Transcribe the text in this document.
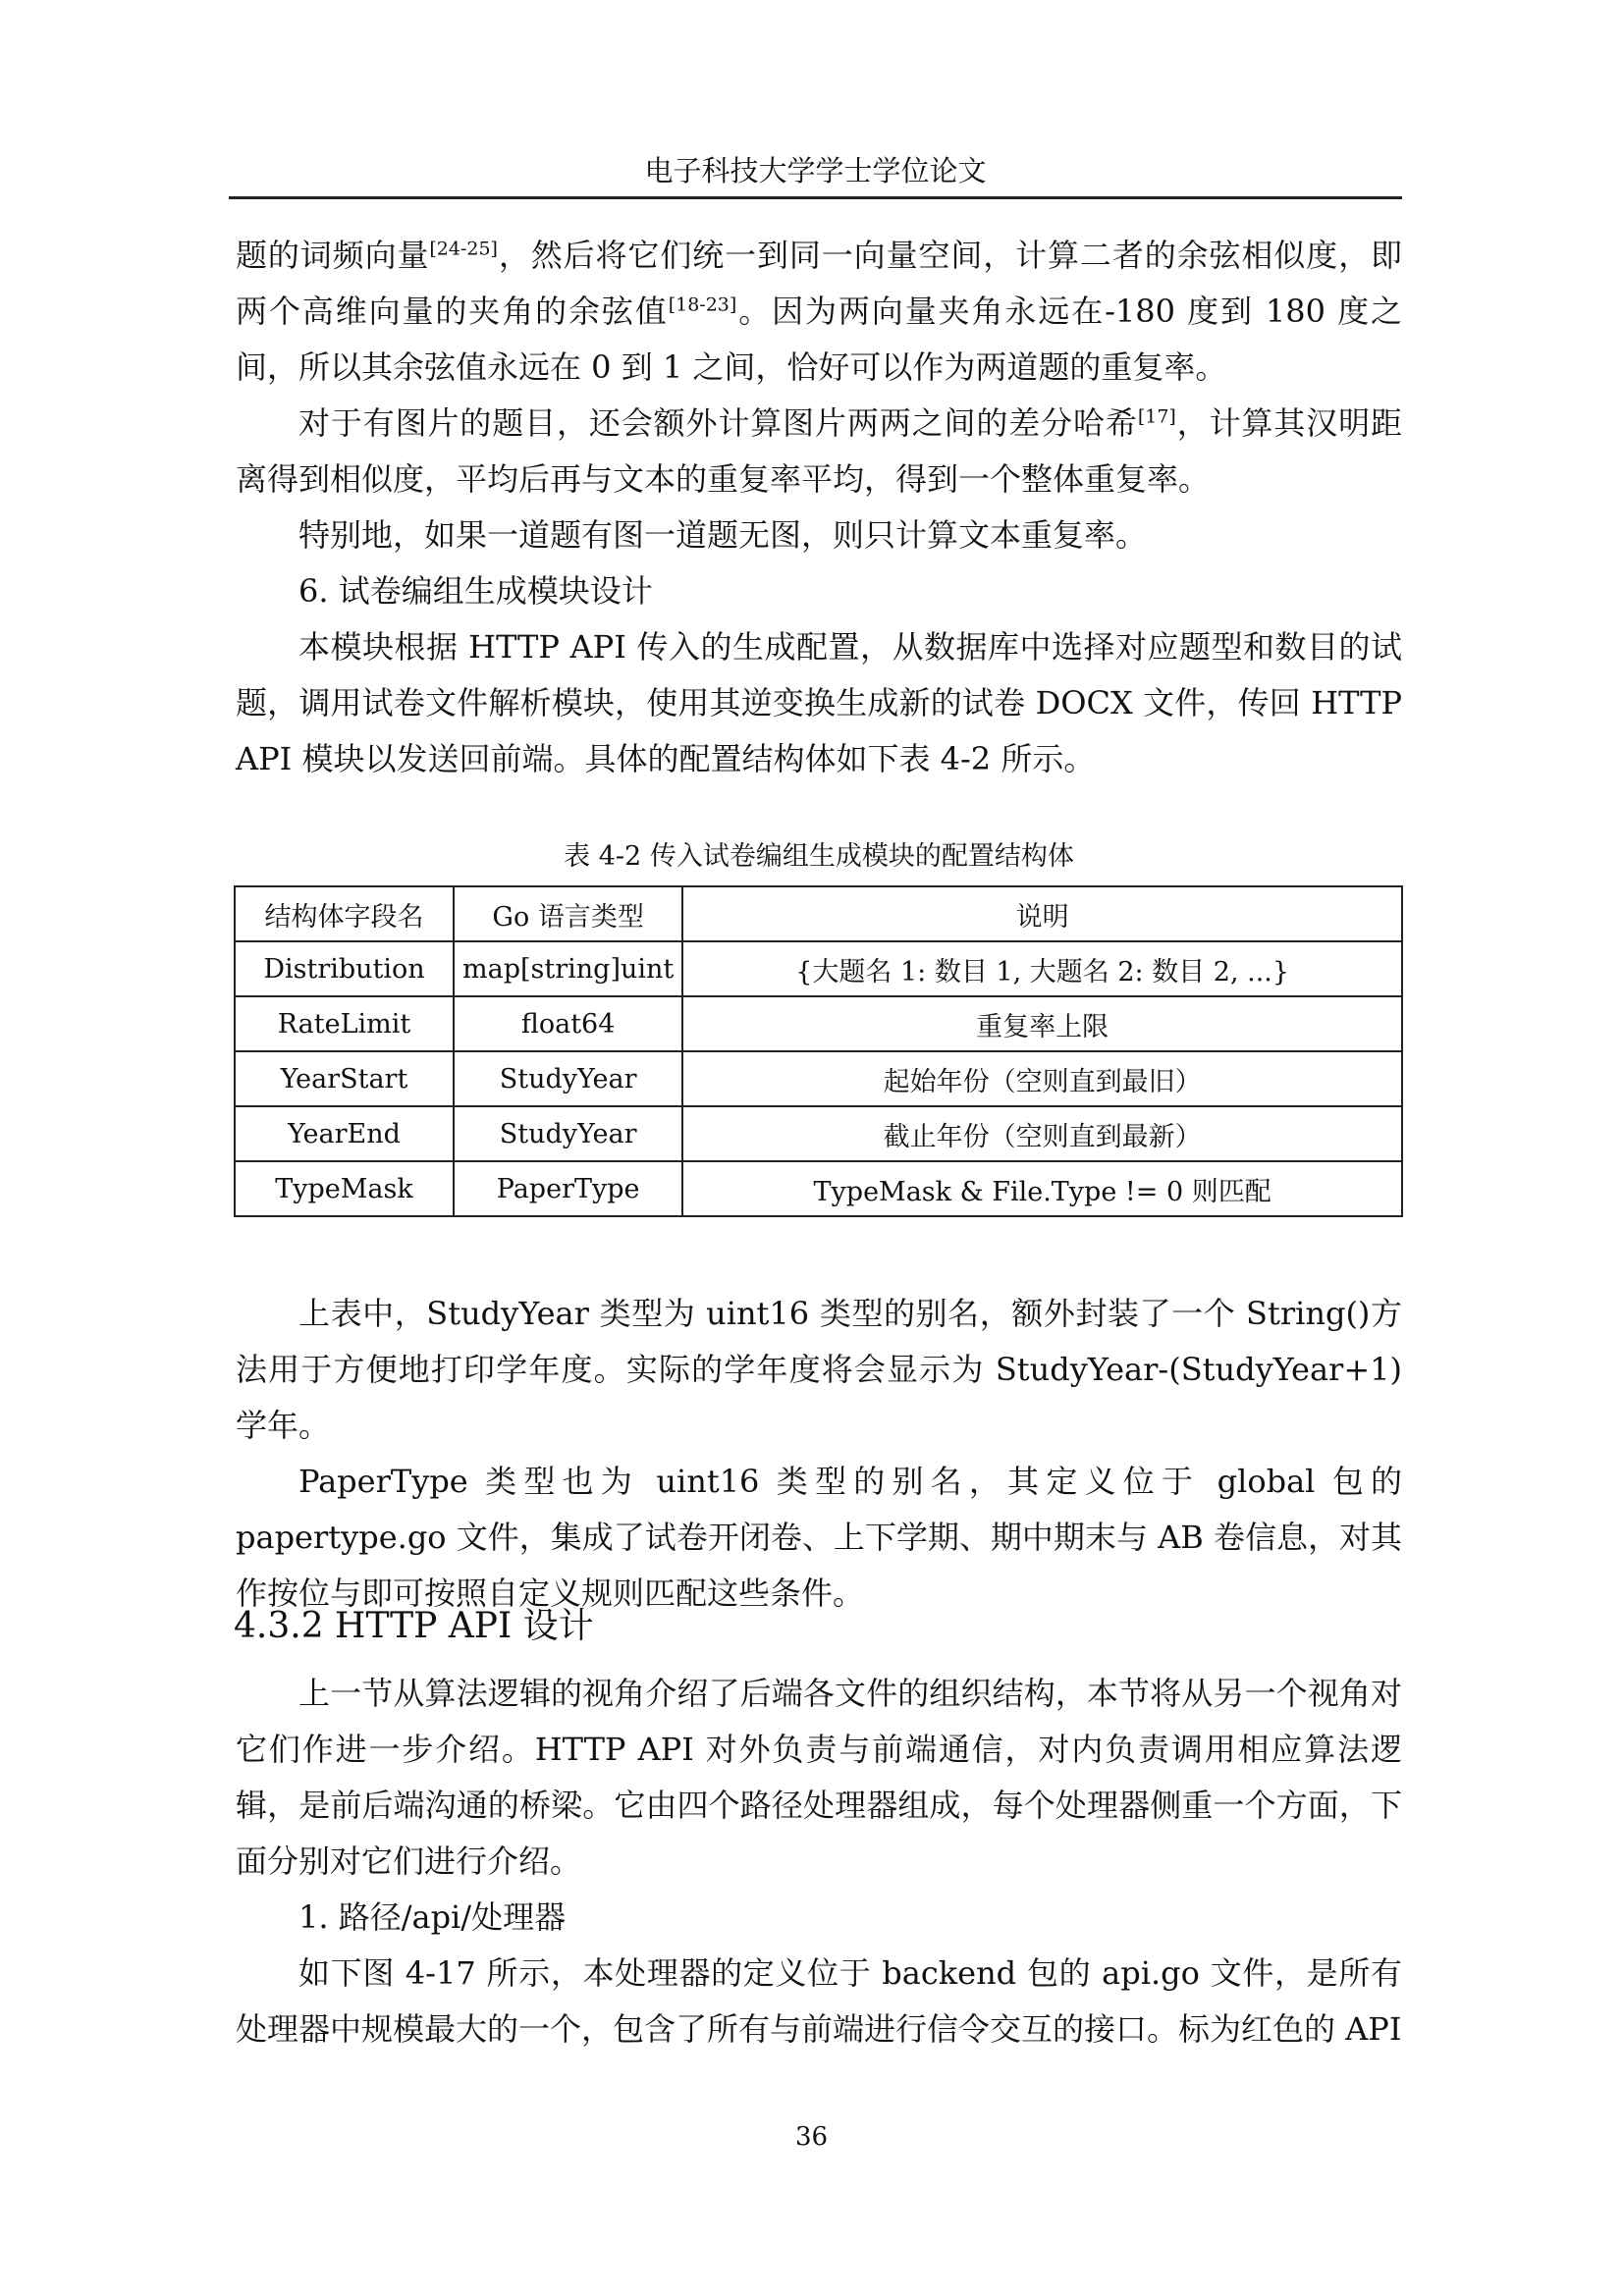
电子科技大学学士学位论文

题的词频向量[24-25]，然后将它们统一到同一向量空间，计算二者的余弦相似度，即两个高维向量的夹角的余弦值[18-23]。因为两向量夹角永远在-180 度到 180 度之间，所以其余弦值永远在 0 到 1 之间，恰好可以作为两道题的重复率。

对于有图片的题目，还会额外计算图片两两之间的差分哈希[17]，计算其汉明距离得到相似度，平均后再与文本的重复率平均，得到一个整体重复率。

特别地，如果一道题有图一道题无图，则只计算文本重复率。

6. 试卷编组生成模块设计

本模块根据 HTTP API 传入的生成配置，从数据库中选择对应题型和数目的试题，调用试卷文件解析模块，使用其逆变换生成新的试卷 DOCX 文件，传回 HTTP API 模块以发送回前端。具体的配置结构体如下表 4-2 所示。

表 4-2 传入试卷编组生成模块的配置结构体
结构体字段名	Go 语言类型	说明
Distribution	map[string]uint	{大题名 1: 数目 1, 大题名 2: 数目 2, ...}
RateLimit	float64	重复率上限
YearStart	StudyYear	起始年份（空则直到最旧）
YearEnd	StudyYear	截止年份（空则直到最新）
TypeMask	PaperType	TypeMask & File.Type != 0 则匹配

上表中，StudyYear 类型为 uint16 类型的别名，额外封装了一个 String()方法用于方便地打印学年度。实际的学年度将会显示为 StudyYear-(StudyYear+1)学年。

PaperType 类型也为 uint16 类型的别名，其定义位于 global 包的 papertype.go 文件，集成了试卷开闭卷、上下学期、期中期末与 AB 卷信息，对其作按位与即可按照自定义规则匹配这些条件。

4.3.2 HTTP API 设计

上一节从算法逻辑的视角介绍了后端各文件的组织结构，本节将从另一个视角对它们作进一步介绍。HTTP API 对外负责与前端通信，对内负责调用相应算法逻辑，是前后端沟通的桥梁。它由四个路径处理器组成，每个处理器侧重一个方面，下面分别对它们进行介绍。

1. 路径/api/处理器

如下图 4-17 所示，本处理器的定义位于 backend 包的 api.go 文件，是所有处理器中规模最大的一个，包含了所有与前端进行信令交互的接口。标为红色的 API

36
